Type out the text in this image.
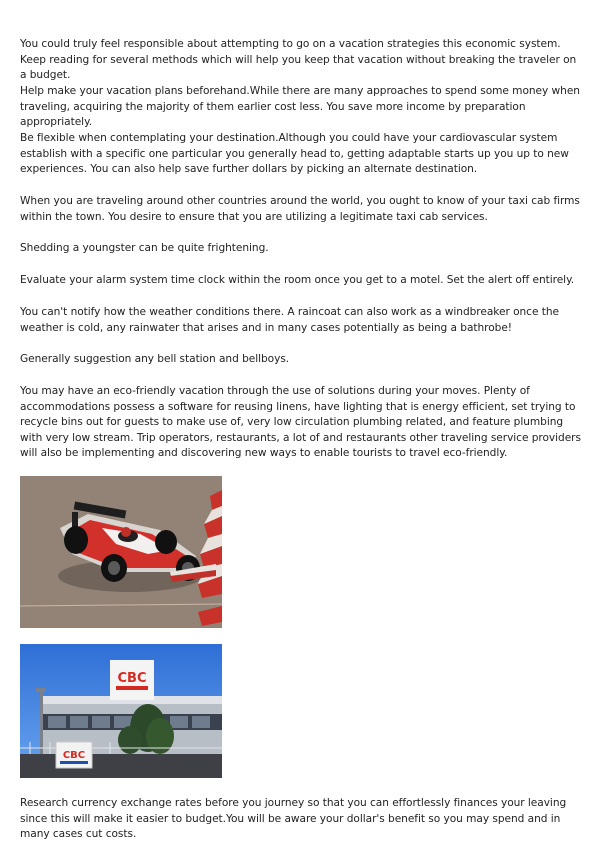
You could truly feel responsible about attempting to go on a vacation strategies this economic system. Keep reading for several methods which will help you keep that vacation without breaking the traveler on a budget.

Help make your vacation plans beforehand.While there are many approaches to spend some money when traveling, acquiring the majority of them earlier cost less. You save more income by preparation appropriately.

Be flexible when contemplating your destination.Although you could have your cardiovascular system establish with a specific one particular you generally head to, getting adaptable starts up you up to new experiences. You can also help save further dollars by picking an alternate destination.

When you are traveling around other countries around the world, you ought to know of your taxi cab firms within the town. You desire to ensure that you are utilizing a legitimate taxi cab services.

Shedding a youngster can be quite frightening.

Evaluate your alarm system time clock within the room once you get to a motel. Set the alert off entirely.

You can't notify how the weather conditions there. A raincoat can also work as a windbreaker once the weather is cold, any rainwater that arises and in many cases potentially as being a bathrobe!

Generally suggestion any bell station and bellboys.

You may have an eco-friendly vacation through the use of solutions during your moves. Plenty of accommodations possess a software for reusing linens, have lighting that is energy efficient, set trying to recycle bins out for guests to make use of, very low circulation plumbing related, and feature plumbing with very low stream. Trip operators, restaurants, a lot of and restaurants other traveling service providers will also be implementing and discovering new ways to enable tourists to travel eco-friendly.

CBC
CBC

Research currency exchange rates before you journey so that you can effortlessly finances your leaving since this will make it easier to budget.You will be aware your dollar's benefit so you may spend and in many cases cut costs.
